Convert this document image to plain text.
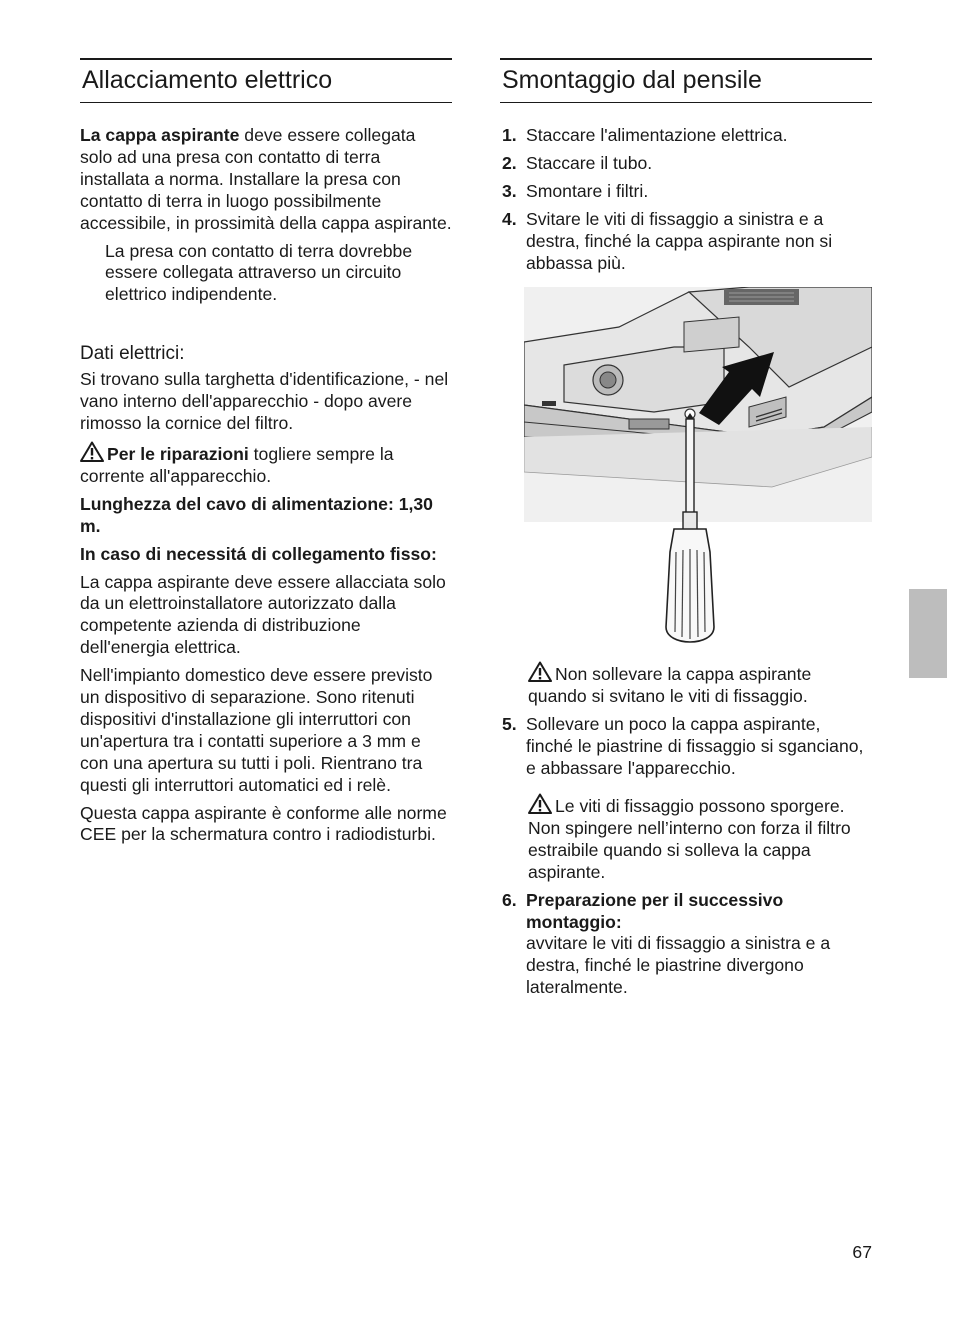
Allacciamento elettrico

La cappa aspirante deve essere collegata solo ad una presa con contatto di terra installata a norma. Installare la presa con contatto di terra in luogo possibilmente accessibile, in prossimità della cappa aspirante.

La presa con contatto di terra dovrebbe essere collegata attraverso un circuito elettrico indipendente.

Dati elettrici:

Si trovano sulla targhetta d'identificazione, - nel vano interno dell'apparecchio - dopo avere rimosso la cornice del filtro.

Per le riparazioni togliere sempre la corrente all'apparecchio.

Lunghezza del cavo di alimentazione: 1,30 m.

In caso di necessitá di collegamento fisso:

La cappa aspirante deve essere allacciata solo da un elettroinstallatore autorizzato dalla competente azienda di distribuzione dell'energia elettrica.

Nell'impianto domestico deve essere previsto un dispositivo di separazione. Sono ritenuti dispositivi d'installazione gli interruttori con un'apertura tra i contatti superiore a 3 mm e con una apertura su tutti i poli. Rientrano tra questi gli interruttori automatici ed i relè.

Questa cappa aspirante è conforme alle norme CEE per la schermatura contro i radiodisturbi.

Smontaggio dal pensile
1. Staccare l'alimentazione elettrica.
2. Staccare il tubo.
3. Smontare i filtri.
4. Svitare le viti di fissaggio a sinistra e a destra, finché la cappa aspirante non si abbassa più.

Non sollevare la cappa aspirante quando si svitano le viti di fissaggio.

5. Sollevare un poco la cappa aspirante, finché le piastrine di fissaggio si sganciano, e abbassare l'apparecchio.

Le viti di fissaggio possono sporgere. Non spingere nell’interno con forza il filtro estraibile quando si solleva la cappa aspirante.

6. Preparazione per il successivo montaggio:
avvitare le viti di fissaggio a sinistra e a destra, finché le piastrine divergono lateralmente.
67
